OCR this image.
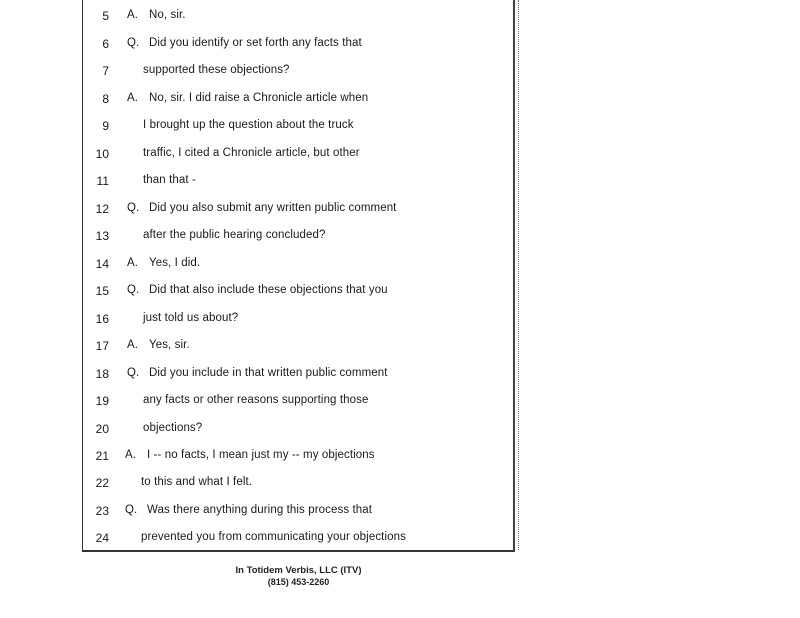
5 A. No, sir.
6 Q. Did you identify or set forth any facts that
7	supported these objections?
8 A. No, sir. I did raise a Chronicle article when
9	I brought up the question about the truck
10	traffic, I cited a Chronicle article, but other
11	than that -
12 Q. Did you also submit any written public comment
13	after the public hearing concluded?
14 A. Yes, I did.
15 Q. Did that also include these objections that you
16	just told us about?
17 A. Yes, sir.
18 Q. Did you include in that written public comment
19	any facts or other reasons supporting those
20	objections?
21 A. I -- no facts, I mean just my -- my objections
22	to this and what I felt.
23 Q. Was there anything during this process that
24	prevented you from communicating your objections
In Totidem Verbis, LLC (ITV)
(815) 453-2260
